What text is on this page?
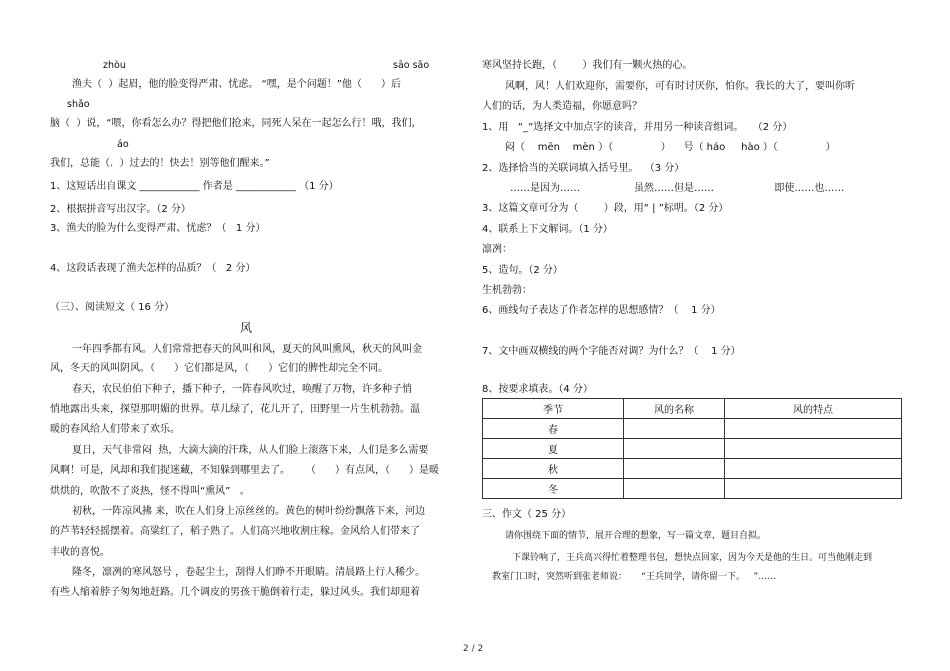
zhòu	sāo sāo
渔夫（  ）起眉，他的脸变得严肃、忧虑。 “嘿，是个问题！”他（      ）后
shǎo
脑（  ）说，“喂，你看怎么办？得把他们抢来，同死人呆在一起怎么行！哦，我们，
áo
我们，总能（.  ）过去的！快去！别等他们醒来。”
1、这短话出自课文 ____________ 作者是 ____________ （1 分）
2、根据拼音写出汉字。（2 分）
3、渔夫的脸为什么变得严肃、忧虑？（   1 分）
4、这段话表现了渔夫怎样的品质？（   2 分）
（三）、阅读短文（ 16 分）
风
一年四季都有风。人们常常把春天的风叫和风，夏天的风叫熏风，秋天的风叫金
风，冬天的风叫阴风。（      ）它们都是风，（      ）它们的脾性却完全不同。
春天，农民伯伯下种子，播下种子，一阵春风吹过，唤醒了万物，许多种子悄
悄地露出头来，探望那明媚的世界。草儿绿了，花儿开了，田野里一片生机勃勃。温
暖的春风给人们带来了欢乐。
夏日，天气非常闷  热，大滴大滴的汗珠，从人们脸上滚落下来，人们是多么需要
风啊！可是，风却和我们捉迷藏，不知躲到哪里去了。     （      ）有点风，（      ）是暖
烘烘的，吹散不了炎热，怪不得叫“熏风”   。
初秋，一阵凉风拂 来，吹在人们身上凉丝丝的。黄色的树叶纷纷飘落下来，河边
的芦苇轻轻摇摆着。高粱红了，稻子熟了。人们高兴地收割庄稼。金风给人们带来了
丰收的喜悦。
隆冬，凛冽的寒风怒号 ，卷起尘土，刮得人们睁不开眼睛。清晨路上行人稀少。
有些人缩着脖子匆匆地赶路。几个调皮的男孩干脆倒着行走，躲过风头。我们却迎着
寒风坚持长跑，（        ）我们有一颗火热的心。
风啊，风！人们欢迎你，需要你，可有时讨厌你，怕你。我长的大了，要叫你听
人们的话，为人类造福，你愿意吗？
1、用   “_”选择文中加点字的读音，并用另一种读音组词。   （2 分）
闷（    mēn    mèn ）（               ）    号（ háo     hào ）（               ）
2、选择恰当的关联词填入括号里。  （3 分）
……是因为……                 虽然……但是……                   即使……也……
3、这篇文章可分为（        ）段，用“ | ”标明。（2 分）
4、联系上下文解词。（1 分）
凛冽：
5、造句。（2 分）
生机勃勃：
6、画线句子表达了作者怎样的思想感情？（    1 分）
7、文中画双横线的两个字能否对调？为什么？（    1 分）
8、按要求填表。（4 分）
季节	风的名称	风的特点
春		
夏		
秋		
冬		
三、作文（ 25 分）
请你围绕下面的情节，展开合理的想象，写一篇文章，题目自拟。
下课铃响了，王兵高兴得忙着整理书包，想快点回家，因为今天是他的生日。可当他刚走到
教室门口时，突然听到张老师说：     “王兵同学，请你留一下。   ”……
2 / 2
